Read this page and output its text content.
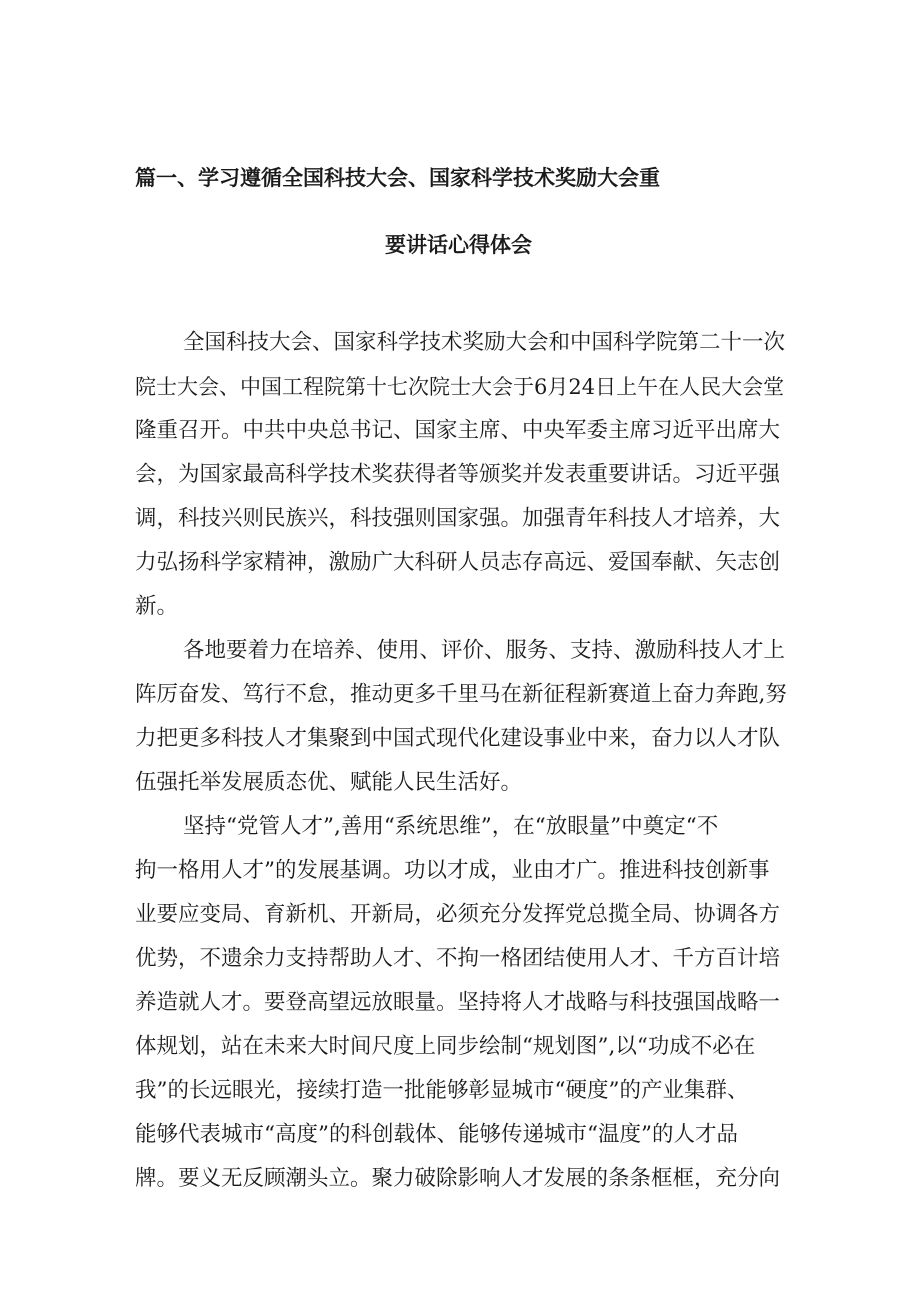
篇一、学习遵循全国科技大会、国家科学技术奖励大会重
要讲话心得体会
全国科技大会、国家科学技术奖励大会和中国科学院第二十一次
院士大会、中国工程院第十七次院士大会于6月24日上午在人民大会堂
隆重召开。中共中央总书记、国家主席、中央军委主席习近平出席大
会，为国家最高科学技术奖获得者等颁奖并发表重要讲话。习近平强
调，科技兴则民族兴，科技强则国家强。加强青年科技人才培养，大
力弘扬科学家精神，激励广大科研人员志存高远、爱国奉献、矢志创
新。
各地要着力在培养、使用、评价、服务、支持、激励科技人才上
阵厉奋发、笃行不怠，推动更多千里马在新征程新赛道上奋力奔跑,努
力把更多科技人才集聚到中国式现代化建设事业中来，奋力以人才队
伍强托举发展质态优、赋能人民生活好。
坚持“党管人才”,善用“系统思维”，在“放眼量”中奠定“不
拘一格用人才”的发展基调。功以才成，业由才广。推进科技创新事
业要应变局、育新机、开新局，必须充分发挥党总揽全局、协调各方
优势，不遗余力支持帮助人才、不拘一格团结使用人才、千方百计培
养造就人才。要登高望远放眼量。坚持将人才战略与科技强国战略一
体规划，站在未来大时间尺度上同步绘制“规划图”,以“功成不必在
我”的长远眼光，接续打造一批能够彰显城市“硬度”的产业集群、
能够代表城市“高度”的科创载体、能够传递城市“温度”的人才品
牌。要义无反顾潮头立。聚力破除影响人才发展的条条框框，充分向
